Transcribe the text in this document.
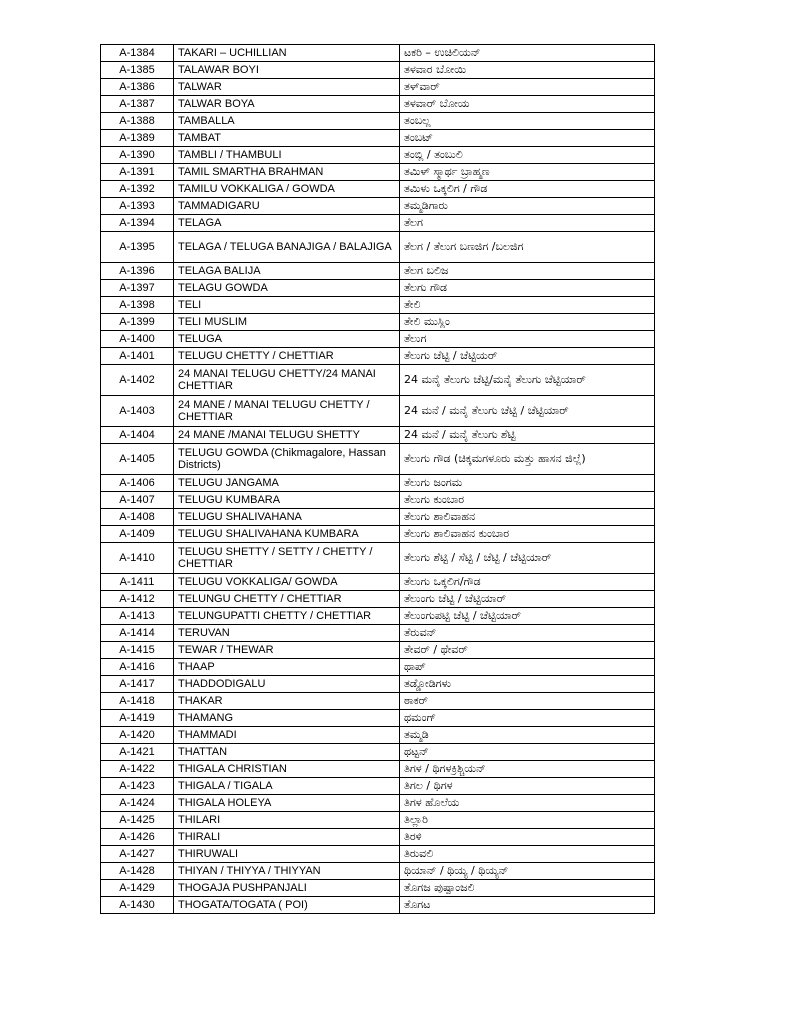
A-1384	TAKARI – UCHILLIAN	ಟಕರಿ – ಉಚಿಲಿಯನ್
A-1385	TALAWAR BOYI	ತಳವಾರ ಬೋಯಿ
A-1386	TALWAR	ತಳ್‌ವಾರ್
A-1387	TALWAR BOYA	ತಳವಾರ್ ಬೋಯ
A-1388	TAMBALLA	ತಂಬಲ್ಲ
A-1389	TAMBAT	ತಂಬಟ್
A-1390	TAMBLI / THAMBULI	ತಂಬ್ಲಿ / ತಂಬುಲಿ
A-1391	TAMIL SMARTHA BRAHMAN	ತಮಿಳ್ ಸ್ಮಾರ್ಥ ಬ್ರಾಹ್ಮಣ
A-1392	TAMILU VOKKALIGA / GOWDA	ತಮಿಳು ಒಕ್ಕಲಿಗ / ಗೌಡ
A-1393	TAMMADIGARU	ತಮ್ಮಡಿಗಾರು
A-1394	TELAGA	ತೆಲಗ
A-1395	TELAGA / TELUGA BANAJIGA / BALAJIGA	ತೆಲಗ / ತೆಲುಗ ಬಣಜಿಗ /ಬಲಜಿಗ
A-1396	TELAGA BALIJA	ತೆಲಗ ಬಲಿಜ
A-1397	TELAGU GOWDA	ತೆಲಗು ಗೌಡ
A-1398	TELI	ತೇಲಿ
A-1399	TELI MUSLIM	ತೇಲಿ ಮುಸ್ಲಿಂ
A-1400	TELUGA	ತೆಲುಗ
A-1401	TELUGU CHETTY / CHETTIAR	ತೆಲುಗು ಚೆಟ್ಟಿ / ಚೆಟ್ಟಿಯರ್
A-1402	24 MANAI TELUGU CHETTY/24 MANAI CHETTIAR	24 ಮನೈ ತೆಲುಗು ಚೆಟ್ಟಿ/ಮನೈ ತೆಲುಗು ಚೆಟ್ಟಿಯಾರ್
A-1403	24 MANE / MANAI TELUGU CHETTY / CHETTIAR	24 ಮನೆ / ಮನೈ ತೆಲುಗು ಚೆಟ್ಟಿ / ಚೆಟ್ಟಿಯಾರ್
A-1404	24 MANE /MANAI TELUGU SHETTY	24 ಮನೆ / ಮನೈ ತೆಲುಗು ಶೆಟ್ಟಿ
A-1405	TELUGU GOWDA (Chikmagalore, Hassan Districts)	ತೆಲುಗು ಗೌಡ (ಚಿಕ್ಕಮಗಳೂರು ಮತ್ತು ಹಾಸನ ಜಿಲ್ಲೆ)
A-1406	TELUGU JANGAMA	ತೆಲುಗು ಜಂಗಮ
A-1407	TELUGU KUMBARA	ತೆಲುಗು ಕುಂಬಾರ
A-1408	TELUGU SHALIVAHANA	ತೆಲುಗು ಶಾಲಿವಾಹನ
A-1409	TELUGU SHALIVAHANA KUMBARA	ತೆಲುಗು ಶಾಲಿವಾಹನ ಕುಂಬಾರ
A-1410	TELUGU SHETTY / SETTY / CHETTY / CHETTIAR	ತೆಲುಗು ಶೆಟ್ಟಿ / ಸೆಟ್ಟಿ / ಚೆಟ್ಟಿ / ಚೆಟ್ಟಿಯಾರ್
A-1411	TELUGU VOKKALIGA/ GOWDA	ತೆಲುಗು ಒಕ್ಕಲಿಗ/ಗೌಡ
A-1412	TELUNGU CHETTY / CHETTIAR	ತೆಲುಂಗು ಚೆಟ್ಟಿ / ಚೆಟ್ಟಿಯಾರ್
A-1413	TELUNGUPATTI CHETTY / CHETTIAR	ತೆಲುಂಗುಪಟ್ಟಿ ಚೆಟ್ಟಿ / ಚೆಟ್ಟಿಯಾರ್
A-1414	TERUVAN	ತೆರುವನ್
A-1415	TEWAR / THEWAR	ತೇವರ್ / ಥೇವರ್
A-1416	THAAP	ಥಾಪ್
A-1417	THADDODIGALU	ತಡ್ಡೋಡಿಗಳು
A-1418	THAKAR	ಠಾಕರ್
A-1419	THAMANG	ಥಮಂಗ್
A-1420	THAMMADI	ತಮ್ಮಡಿ
A-1421	THATTAN	ಥಟ್ಟನ್
A-1422	THIGALA CHRISTIAN	ತಿಗಳ / ಥಿಗಳಕ್ರಿಶ್ಚಿಯನ್
A-1423	THIGALA / TIGALA	ತಿಗಲ / ಥಿಗಳ
A-1424	THIGALA HOLEYA	ತಿಗಳ ಹೊಲೆಯ
A-1425	THILARI	ತಿಲ್ಲಾರಿ
A-1426	THIRALI	ತಿರಳಿ
A-1427	THIRUWALI	ತಿರುವಲಿ
A-1428	THIYAN / THIYYA / THIYYAN	ಥಿಯಾನ್ / ಥಿಯ್ಯ / ಥಿಯ್ಯನ್
A-1429	THOGAJA PUSHPANJALI	ತೊಗಜ ಪುಷ್ಪಾಂಜಲಿ
A-1430	THOGATA/TOGATA ( POI)	ತೊಗಟ
